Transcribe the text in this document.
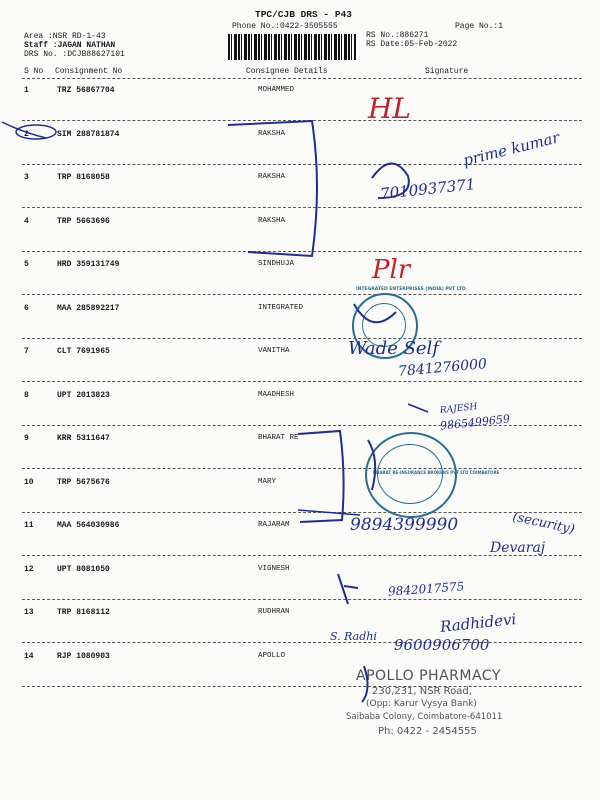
TPC/CJB DRS - P43
Phone No.:0422-3505555	Page No.:1
Area :NSR RD-1-43
Staff :JAGAN NATHAN
DRS No. :DCJB88627101
RS No.:886271
RS Date:05-Feb-2022
S No Consignment No	Consignee Details	Signature
1	TRZ 56867704	MOHAMMED
2	SIM 288781874	RAKSHA
3	TRP 8168058	RAKSHA
4	TRP 5663696	RAKSHA
5	HRD 359131749	SINDHUJA
6	MAA 285892217	INTEGRATED
7	CLT 7691965	VANITHA
8	UPT 2013823	MAADHESH
9	KRR 5311647	BHARAT RE
10	TRP 5675676	MARY
11	MAA 564030986	RAJARAM
12	UPT 8081050	VIGNESH
13	TRP 8168112	RUDHRAN
14	RJP 1080903	APOLLO
INTEGRATED ENTERPRISES (INDIA) PVT LTD
BHARAT RE-INSURANCE BROKERS PVT LTD COIMBATORE
APOLLO PHARMACY
230,231, NSR Road,
(Opp: Karur Vysya Bank)
Saibaba Colony, Coimbatore-641011
Ph: 0422 - 2454555
HL
prime kumar
7010937371
Plr
Wade Self
7841276000
RAJESH
9865499659
9894399990	(security)
Devaraj
9842017575
S. Radhi
Radhidevi
9600906700
